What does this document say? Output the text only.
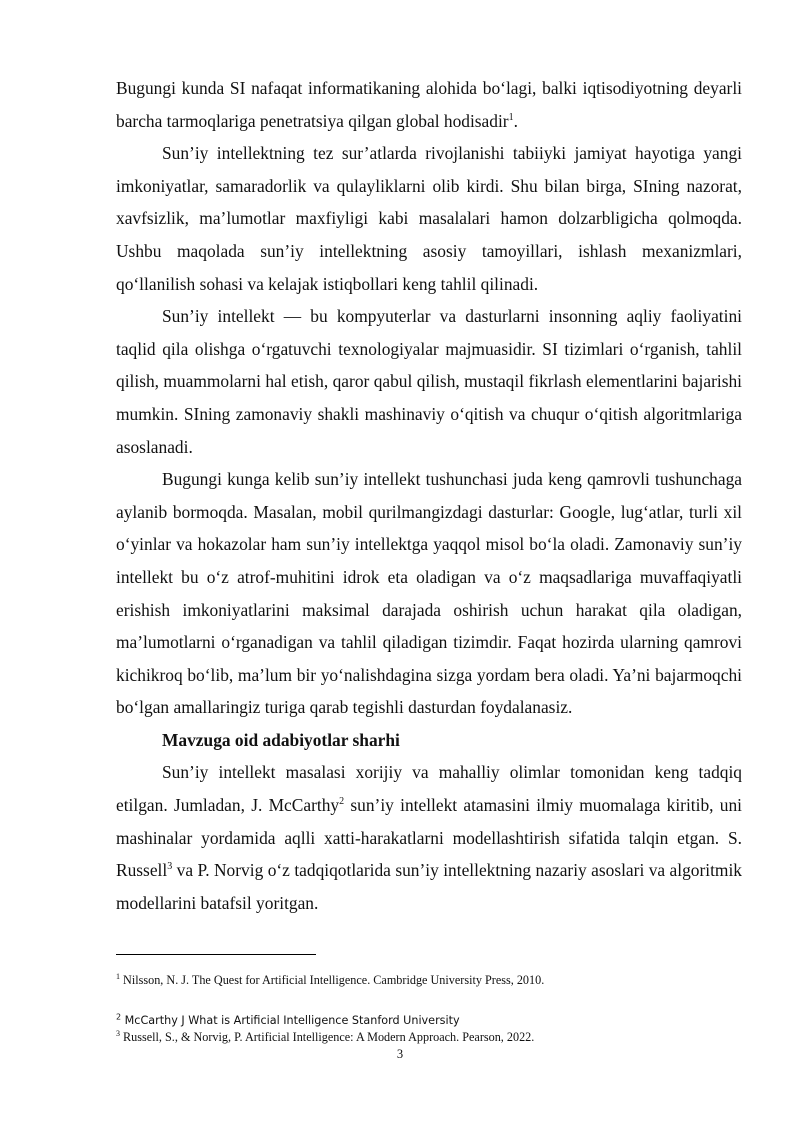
Bugungi kunda SI nafaqat informatikaning alohida bo‘lagi, balki iqtisodiyotning deyarli barcha tarmoqlariga penetratsiya qilgan global hodisadir$^1$.

Sun’iy intellektning tez sur’atlarda rivojlanishi tabiiyki jamiyat hayotiga yangi imkoniyatlar, samaradorlik va qulayliklarni olib kirdi. Shu bilan birga, SIning nazorat, xavfsizlik, ma’lumotlar maxfiyligi kabi masalalari hamon dolzarbligicha qolmoqda. Ushbu maqolada sun’iy intellektning asosiy tamoyillari, ishlash mexanizmlari, qo‘llanilish sohasi va kelajak istiqbollari keng tahlil qilinadi.

Sun’iy intellekt — bu kompyuterlar va dasturlarni insonning aqliy faoliyatini taqlid qila olishga o‘rgatuvchi texnologiyalar majmuasidir. SI tizimlari o‘rganish, tahlil qilish, muammolarni hal etish, qaror qabul qilish, mustaqil fikrlash elementlarini bajarishi mumkin. SIning zamonaviy shakli mashinaviy o‘qitish va chuqur o‘qitish algoritmlariga asoslanadi.

Bugungi kunga kelib sun’iy intellekt tushunchasi juda keng qamrovli tushunchaga aylanib bormoqda. Masalan, mobil qurilmangizdagi dasturlar: Google, lug‘atlar, turli xil o‘yinlar va hokazolar ham sun’iy intellektga yaqqol misol bo‘la oladi. Zamonaviy sun’iy intellekt bu o‘z atrof-muhitini idrok eta oladigan va o‘z maqsadlariga muvaffaqiyatli erishish imkoniyatlarini maksimal darajada oshirish uchun harakat qila oladigan, ma’lumotlarni o‘rganadigan va tahlil qiladigan tizimdir. Faqat hozirda ularning qamrovi kichikroq bo‘lib, ma’lum bir yo‘nalishdagina sizga yordam bera oladi. Ya’ni bajarmoqchi bo‘lgan amallaringiz turiga qarab tegishli dasturdan foydalanasiz.

Mavzuga oid adabiyotlar sharhi

Sun’iy intellekt masalasi xorijiy va mahalliy olimlar tomonidan keng tadqiq etilgan. Jumladan, J. McCarthy$^2$ sun’iy intellekt atamasini ilmiy muomalaga kiritib, uni mashinalar yordamida aqlli xatti-harakatlarni modellashtirish sifatida talqin etgan. S. Russell$^3$ va P. Norvig o‘z tadqiqotlarida sun’iy intellektning nazariy asoslari va algoritmik modellarini batafsil yoritgan.

$^1$ Nilsson, N. J. The Quest for Artificial Intelligence. Cambridge University Press, 2010.
$^2$ McCarthy J What is Artificial Intelligence Stanford University
$^3$ Russell, S., & Norvig, P. Artificial Intelligence: A Modern Approach. Pearson, 2022.
3
